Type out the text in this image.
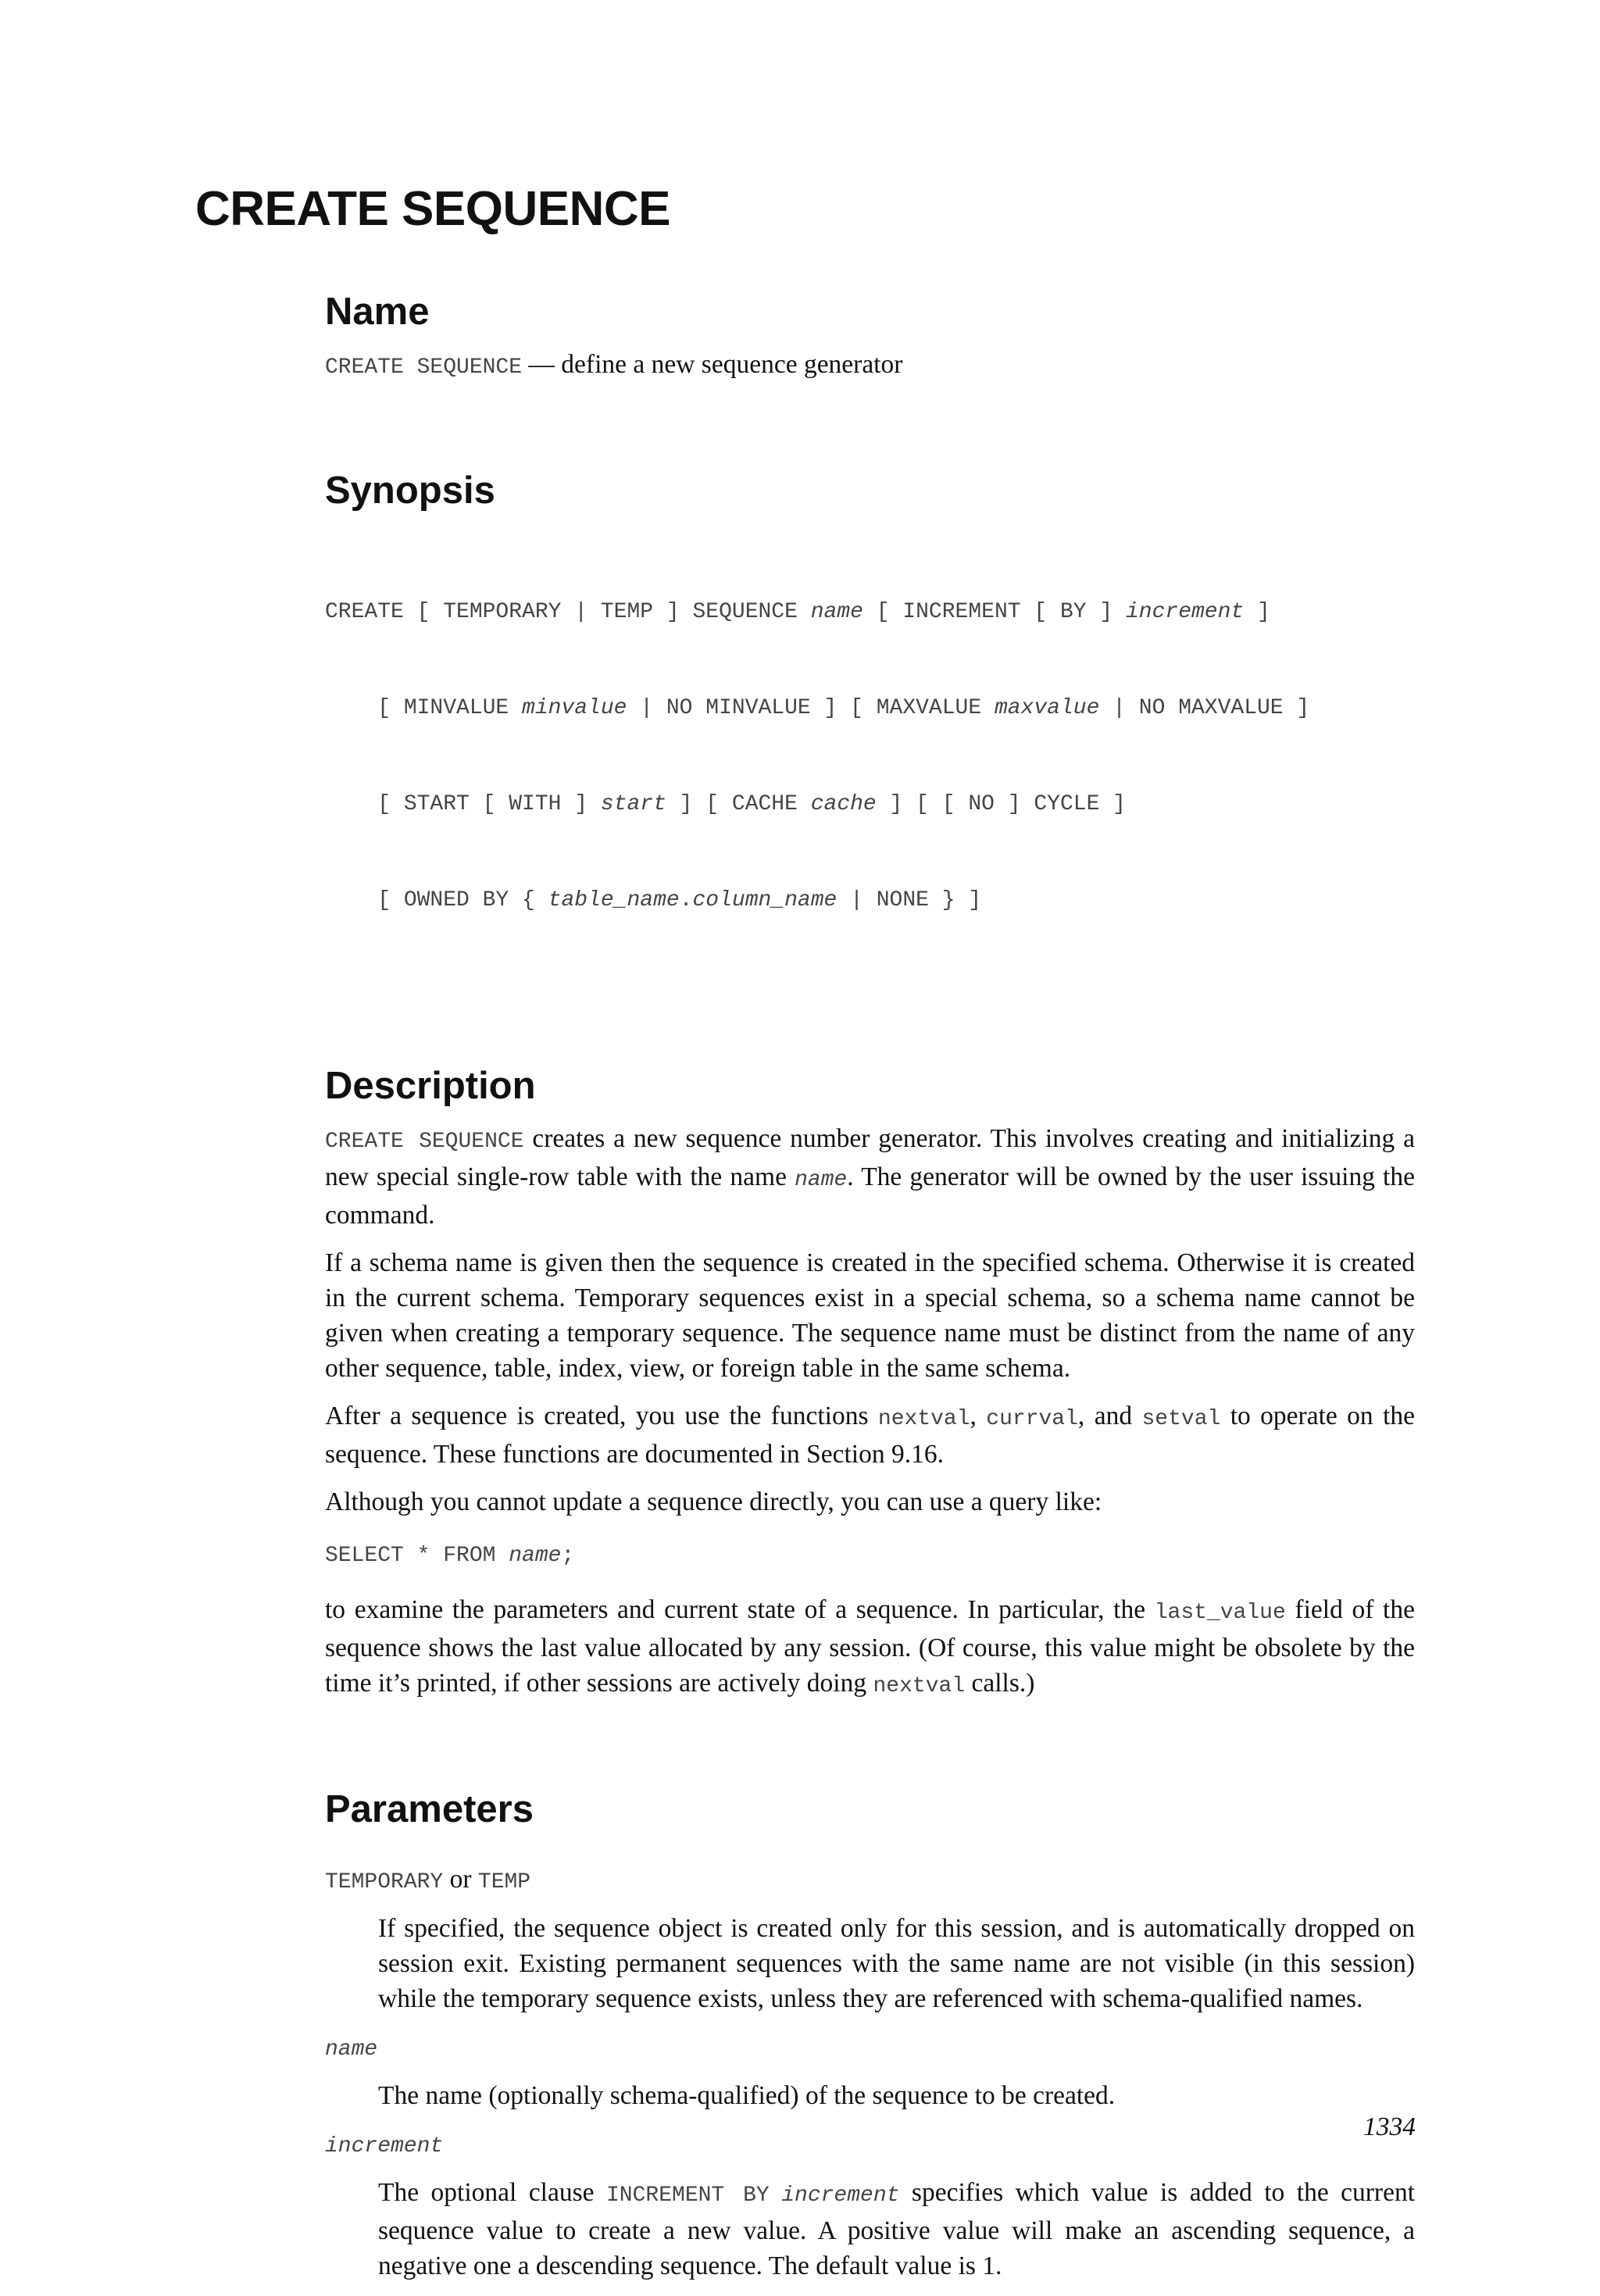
CREATE SEQUENCE
Name
CREATE SEQUENCE — define a new sequence generator
Synopsis

CREATE [ TEMPORARY | TEMP ] SEQUENCE name [ INCREMENT [ BY ] increment ]

[ MINVALUE minvalue | NO MINVALUE ] [ MAXVALUE maxvalue | NO MAXVALUE ]

[ START [ WITH ] start ] [ CACHE cache ] [ [ NO ] CYCLE ]

[ OWNED BY { table_name.column_name | NONE } ]

Description

CREATE SEQUENCE creates a new sequence number generator. This involves creating and initializing a new special single-row table with the name name. The generator will be owned by the user issuing the command.

If a schema name is given then the sequence is created in the specified schema. Otherwise it is created in the current schema. Temporary sequences exist in a special schema, so a schema name cannot be given when creating a temporary sequence. The sequence name must be distinct from the name of any other sequence, table, index, view, or foreign table in the same schema.

After a sequence is created, you use the functions nextval, currval, and setval to operate on the sequence. These functions are documented in Section 9.16.

Although you cannot update a sequence directly, you can use a query like:

SELECT * FROM name;

to examine the parameters and current state of a sequence. In particular, the last_value field of the sequence shows the last value allocated by any session. (Of course, this value might be obsolete by the time it’s printed, if other sessions are actively doing nextval calls.)

Parameters
TEMPORARY or TEMP
If specified, the sequence object is created only for this session, and is automatically dropped on session exit. Existing permanent sequences with the same name are not visible (in this session) while the temporary sequence exists, unless they are referenced with schema-qualified names.
name
The name (optionally schema-qualified) of the sequence to be created.
increment
The optional clause INCREMENT BY increment specifies which value is added to the current sequence value to create a new value. A positive value will make an ascending sequence, a negative one a descending sequence. The default value is 1.
1334
